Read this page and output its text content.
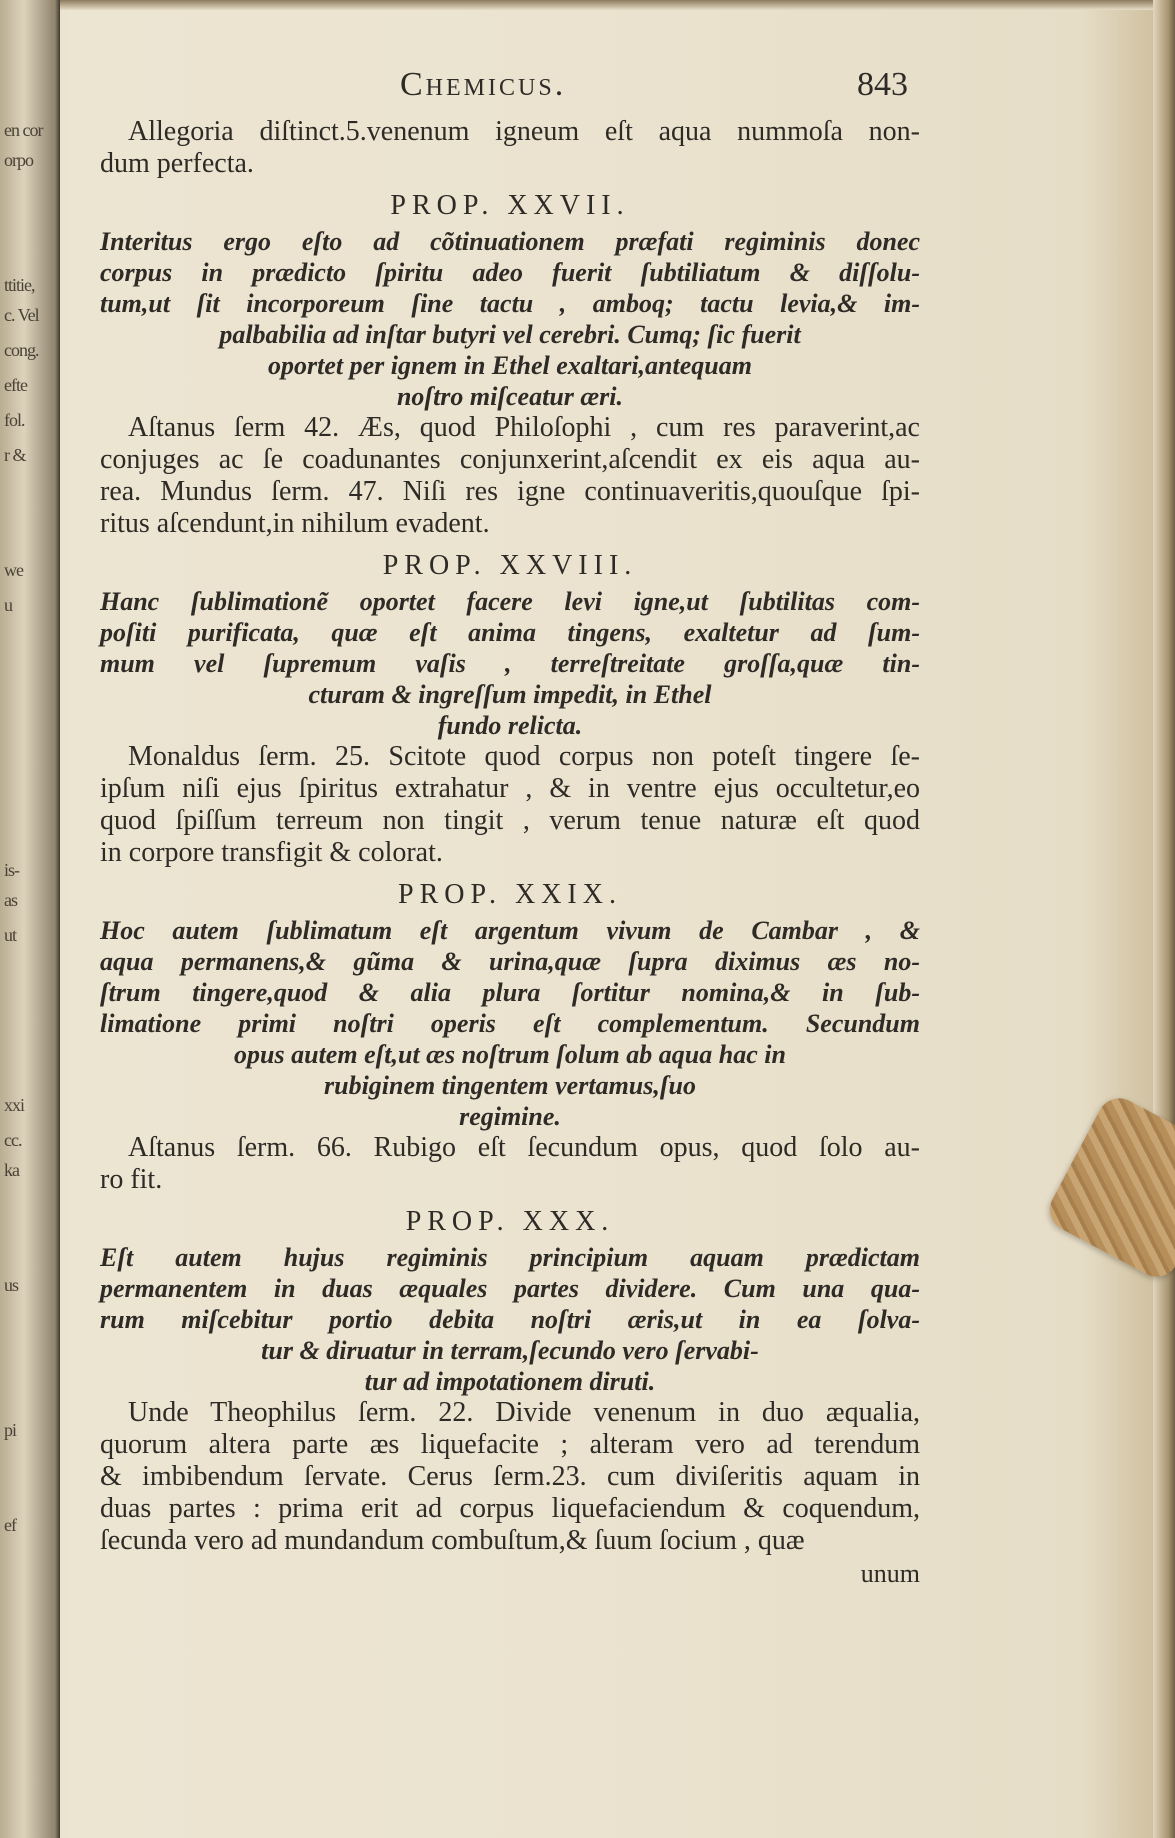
en cor
orpo
ttitie,
c. Vel
cong.
efte
fol.
r &
we
u
is-
as
ut
xxi
cc.
ka
us
pi
ef
Chemicus.	843
Allegoria diſtinct.5.venenum igneum eſt aqua nummoſa non-
dum perfecta.
PROP. XXVII.
Interitus ergo eſto ad cõtinuationem præfati regiminis donec
corpus in prædicto ſpiritu adeo fuerit ſubtiliatum & diſſolu-
tum,ut ſit incorporeum ſine tactu , amboq; tactu levia,& im-
palbabilia ad inſtar butyri vel cerebri. Cumq; ſic fuerit
oportet per ignem in Ethel exaltari,antequam
noſtro miſceatur æri.
Aſtanus ſerm 42. Æs, quod Philoſophi , cum res paraverint,ac
conjuges ac ſe coadunantes conjunxerint,aſcendit ex eis aqua au-
rea. Mundus ſerm. 47. Niſi res igne continuaveritis,quouſque ſpi-
ritus aſcendunt,in nihilum evadent.
PROP. XXVIII.
Hanc ſublimationẽ oportet facere levi igne,ut ſubtilitas com-
poſiti purificata, quæ eſt anima tingens, exaltetur ad ſum-
mum vel ſupremum vaſis , terreſtreitate groſſa,quæ tin-
cturam & ingreſſum impedit, in Ethel
fundo relicta.
Monaldus ſerm. 25. Scitote quod corpus non poteſt tingere ſe-
ipſum niſi ejus ſpiritus extrahatur , & in ventre ejus occultetur,eo
quod ſpiſſum terreum non tingit , verum tenue naturæ eſt quod
in corpore transfigit & colorat.
PROP. XXIX.
Hoc autem ſublimatum eſt argentum vivum de Cambar , &
aqua permanens,& gũma & urina,quæ ſupra diximus æs no-
ſtrum tingere,quod & alia plura ſortitur nomina,& in ſub-
limatione primi noſtri operis eſt complementum. Secundum
opus autem eſt,ut æs noſtrum ſolum ab aqua hac in
rubiginem tingentem vertamus,ſuo
regimine.
Aſtanus ſerm. 66. Rubigo eſt ſecundum opus, quod ſolo au-
ro fit.
PROP. XXX.
Eſt autem hujus regiminis principium aquam prædictam
permanentem in duas æquales partes dividere. Cum una qua-
rum miſcebitur portio debita noſtri æris,ut in ea ſolva-
tur & diruatur in terram,ſecundo vero ſervabi-
tur ad impotationem diruti.
Unde Theophilus ſerm. 22. Divide venenum in duo æqualia,
quorum altera parte æs liquefacite ; alteram vero ad terendum
& imbibendum ſervate. Cerus ſerm.23. cum diviſeritis aquam in
duas partes : prima erit ad corpus liquefaciendum & coquendum,
ſecunda vero ad mundandum combuſtum,& ſuum ſocium , quæ
unum
